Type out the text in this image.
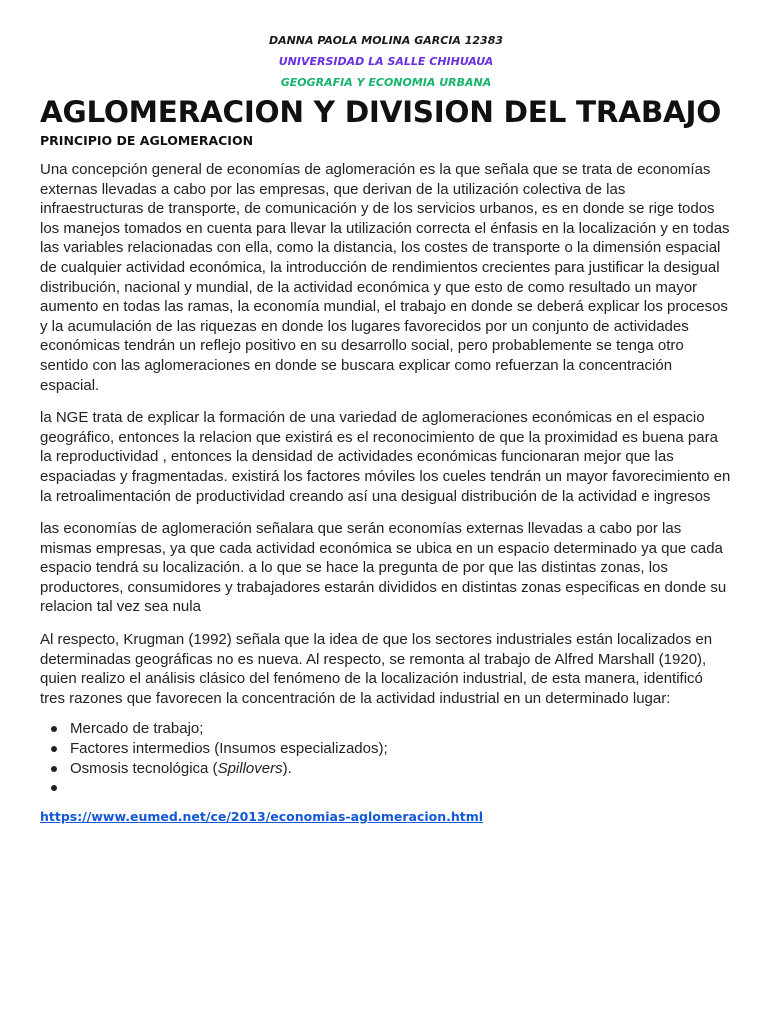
DANNA PAOLA MOLINA GARCIA 12383

UNIVERSIDAD LA SALLE CHIHUAUA

GEOGRAFIA Y ECONOMIA URBANA

AGLOMERACION Y DIVISION DEL TRABAJO
PRINCIPIO DE AGLOMERACION

Una concepción general de economías de aglomeración es la que señala que se trata de economías externas llevadas a cabo por las empresas, que derivan de la utilización colectiva de las infraestructuras de transporte, de comunicación y de los servicios urbanos, es en donde se rige todos los manejos tomados en cuenta para llevar la utilización correcta el énfasis en la localización y en todas las variables relacionadas con ella, como la distancia, los costes de transporte o la dimensión espacial de cualquier actividad económica, la introducción de rendimientos crecientes para justificar la desigual distribución, nacional y mundial, de la actividad económica y que esto de como resultado un mayor aumento en todas las ramas, la economía mundial, el trabajo en donde se deberá explicar los procesos y la acumulación de las riquezas en donde los lugares favorecidos por un conjunto de actividades económicas tendrán un reflejo positivo en su desarrollo social, pero probablemente se tenga otro sentido con las aglomeraciones en donde se buscara explicar como refuerzan la concentración espacial.

la NGE trata de explicar la formación de una variedad de aglomeraciones económicas en el espacio geográfico, entonces la relacion que existirá es el reconocimiento de que la proximidad es buena para la reproductividad , entonces la densidad de actividades económicas funcionaran mejor que las espaciadas y fragmentadas. existirá los factores móviles los cueles tendrán un mayor favorecimiento en la retroalimentación de productividad creando así una desigual distribución de la actividad e ingresos

las economías de aglomeración señalara que serán economías externas llevadas a cabo por las mismas empresas, ya que cada actividad económica se ubica en un espacio determinado ya que cada espacio tendrá su localización. a lo que se hace la pregunta de por que las distintas zonas, los productores, consumidores y trabajadores estarán divididos en distintas zonas especificas en donde su relacion tal vez sea nula

Al respecto, Krugman (1992) señala que la idea de que los sectores industriales están localizados en determinadas geográficas no es nueva. Al respecto, se remonta al trabajo de Alfred Marshall (1920), quien realizo el análisis clásico del fenómeno de la localización industrial, de esta manera, identificó tres razones que favorecen la concentración de la actividad industrial en un determinado lugar:

Mercado de trabajo;
Factores intermedios (Insumos especializados);
Osmosis tecnológica (Spillovers).
https://www.eumed.net/ce/2013/economias-aglomeracion.html
